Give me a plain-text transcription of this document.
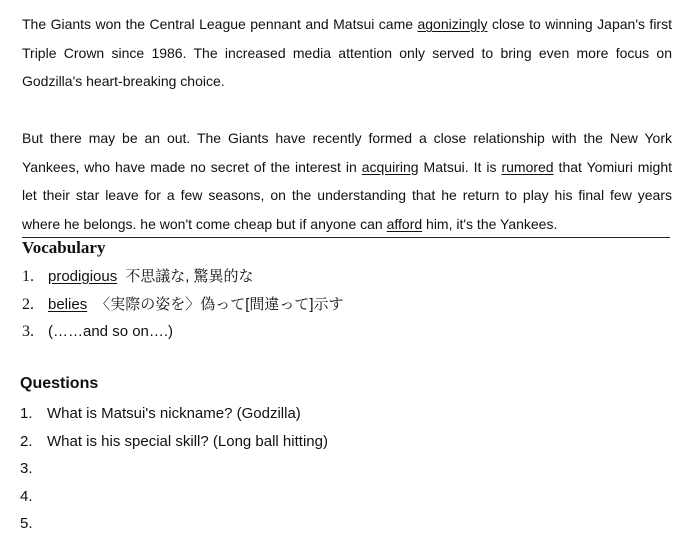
The Giants won the Central League pennant and Matsui came agonizingly close to winning Japan's first Triple Crown since 1986. The increased media attention only served to bring even more focus on Godzilla's heart-breaking choice.

But there may be an out. The Giants have recently formed a close relationship with the New York Yankees, who have made no secret of the interest in acquiring Matsui. It is rumored that Yomiuri might let their star leave for a few seasons, on the understanding that he return to play his final few years where he belongs. he won't come cheap but if anyone can afford him, it's the Yankees.

Vocabulary
1. prodigious 不思議な, 驚異的な
2. belies 〈実際の姿を〉偽って[間違って]示す
3. (……and so on….)
Questions
1. What is Matsui's nickname? (Godzilla)
2. What is his special skill? (Long ball hitting)
3.
4.
5.
